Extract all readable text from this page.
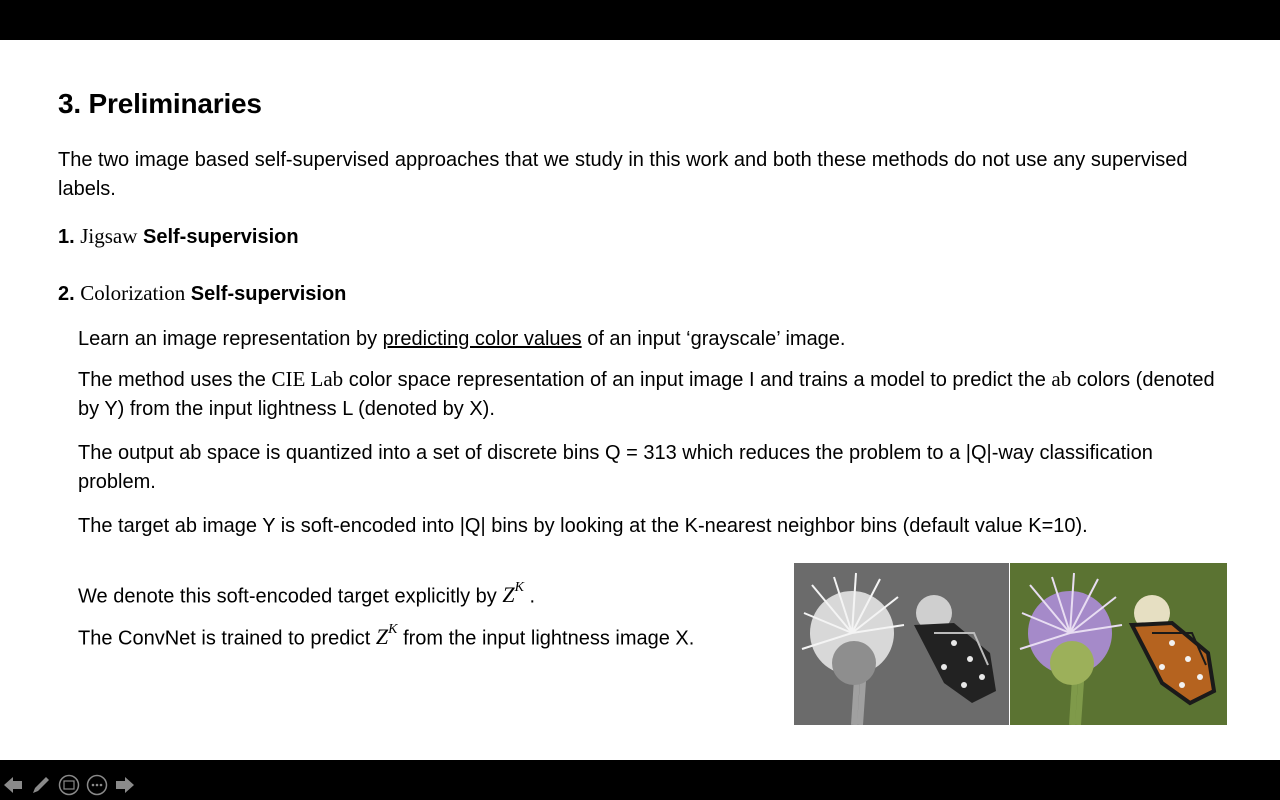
3. Preliminaries
The two image based self-supervised approaches that we study in this work and both these methods do not use any supervised labels.
1. Jigsaw Self-supervision
2. Colorization Self-supervision
Learn an image representation by predicting color values of an input ‘grayscale’ image.
The method uses the CIE Lab color space representation of an input image I and trains a model to predict the ab colors (denoted by Y) from the input lightness L (denoted by X).
The output ab space is quantized into a set of discrete bins Q = 313 which reduces the problem to a |Q|-way classification problem.
The target ab image Y is soft-encoded into |Q| bins by looking at the K-nearest neighbor bins (default value K=10).
We denote this soft-encoded target explicitly by $Z^K$ .
The ConvNet is trained to predict $Z^K$ from the input lightness image X.
